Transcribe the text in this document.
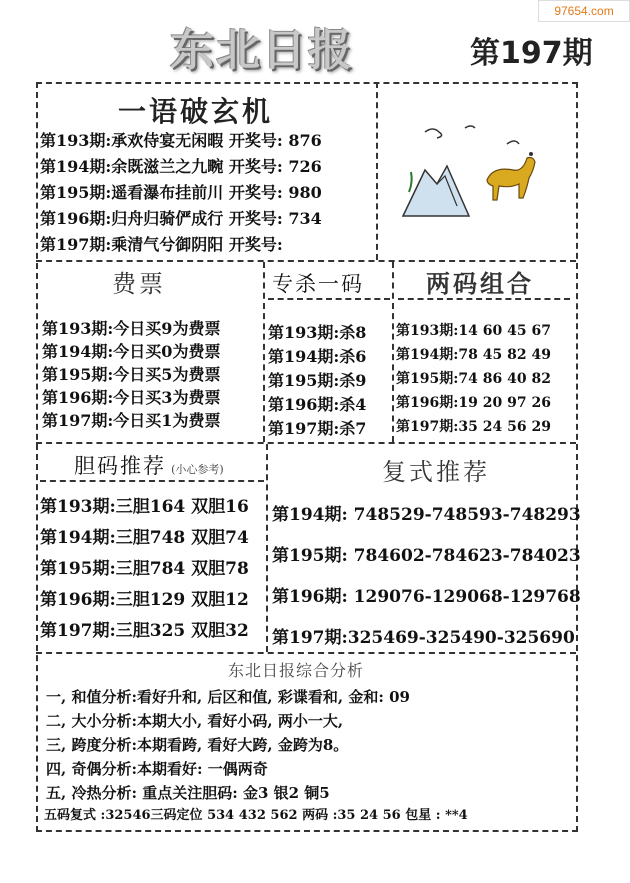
97654.com
东北日报	第197期
一语破玄机
第193期:承欢侍宴无闲暇 开奖号: 876
第194期:余既滋兰之九畹 开奖号: 726
第195期:遥看瀑布挂前川 开奖号: 980
第196期:归舟归骑俨成行 开奖号: 734
第197期:乘清气兮御阴阳 开奖号:
费票
第193期:今日买9为费票
第194期:今日买0为费票
第195期:今日买5为费票
第196期:今日买3为费票
第197期:今日买1为费票
专杀一码
第193期:杀8
第194期:杀6
第195期:杀9
第196期:杀4
第197期:杀7
两码组合
第193期:14 60 45 67
第194期:78 45 82 49
第195期:74 86 40 82
第196期:19 20 97 26
第197期:35 24 56 29
胆码推荐 (小心参考)
第193期:三胆164 双胆16
第194期:三胆748 双胆74
第195期:三胆784 双胆78
第196期:三胆129 双胆12
第197期:三胆325 双胆32
复式推荐
第194期: 748529-748593-748293
第195期: 784602-784623-784023
第196期: 129076-129068-129768
第197期:325469-325490-325690
东北日报综合分析
一, 和值分析:看好升和, 后区和值, 彩谍看和, 金和: 09
二, 大小分析:本期大小, 看好小码, 两小一大,
三, 跨度分析:本期看跨, 看好大跨, 金跨为8。
四, 奇偶分析:本期看好: 一偶两奇
五, 冷热分析: 重点关注胆码: 金3 银2 铜5
五码复式 :32546三码定位 534 432 562 两码 :35 24 56 包星 : **4
